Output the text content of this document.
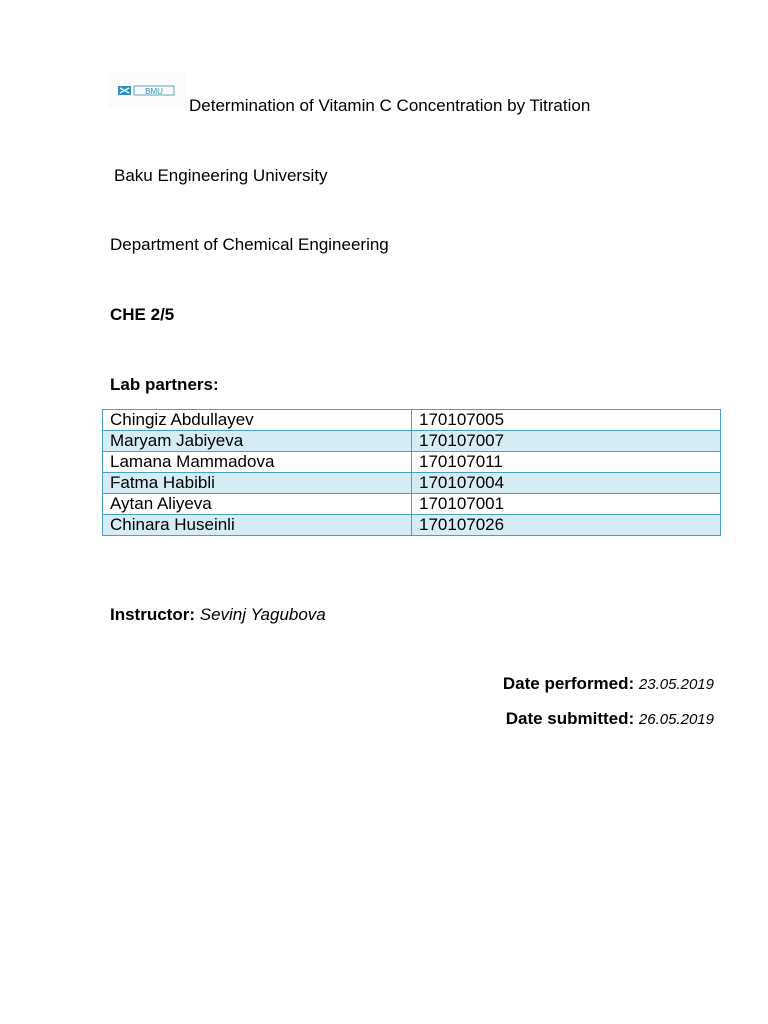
BMU
Determination of Vitamin C Concentration by Titration
Baku Engineering University
Department of Chemical Engineering
CHE 2/5
Lab partners:
Chingiz Abdullayev	170107005
Maryam Jabiyeva	170107007
Lamana Mammadova	170107011
Fatma Habibli	170107004
Aytan Aliyeva	170107001
Chinara Huseinli	170107026
Instructor: Sevinj Yagubova
Date performed: 23.05.2019
Date submitted: 26.05.2019
